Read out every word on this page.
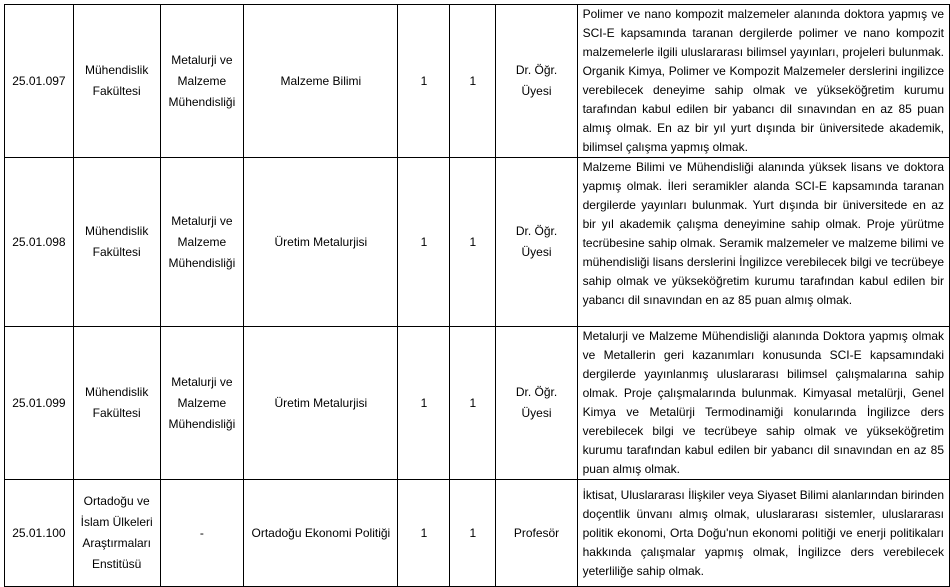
25.01.097	Mühendislik Fakültesi	Metalurji ve Malzeme Mühendisliği	Malzeme Bilimi	1	1	Dr. Öğr. Üyesi	Polimer ve nano kompozit malzemeler alanında doktora yapmış ve SCI-E kapsamında taranan dergilerde polimer ve nano kompozit malzemelerle ilgili uluslararası bilimsel yayınları, projeleri bulunmak. Organik Kimya, Polimer ve Kompozit Malzemeler derslerini ingilizce verebilecek deneyime sahip olmak ve yükseköğretim kurumu tarafından kabul edilen bir yabancı dil sınavından en az 85 puan almış olmak. En az bir yıl yurt dışında bir üniversitede akademik, bilimsel çalışma yapmış olmak.
25.01.098	Mühendislik Fakültesi	Metalurji ve Malzeme Mühendisliği	Üretim Metalurjisi	1	1	Dr. Öğr. Üyesi	Malzeme Bilimi ve Mühendisliği alanında yüksek lisans ve doktora yapmış olmak. İleri seramikler alanda SCI-E kapsamında taranan dergilerde yayınları bulunmak. Yurt dışında bir üniversitede en az bir yıl akademik çalışma deneyimine sahip olmak. Proje yürütme tecrübesine sahip olmak. Seramik malzemeler ve malzeme bilimi ve mühendisliği lisans derslerini İngilizce verebilecek bilgi ve tecrübeye sahip olmak ve yükseköğretim kurumu tarafından kabul edilen bir yabancı dil sınavından en az 85 puan almış olmak.
25.01.099	Mühendislik Fakültesi	Metalurji ve Malzeme Mühendisliği	Üretim Metalurjisi	1	1	Dr. Öğr. Üyesi	Metalurji ve Malzeme Mühendisliği alanında Doktora yapmış olmak ve Metallerin geri kazanımları konusunda SCI-E kapsamındaki dergilerde yayınlanmış uluslararası bilimsel çalışmalarına sahip olmak. Proje çalışmalarında bulunmak. Kimyasal metalürji, Genel Kimya ve Metalürji Termodinamiği konularında İngilizce ders verebilecek bilgi ve tecrübeye sahip olmak ve yükseköğretim kurumu tarafından kabul edilen bir yabancı dil sınavından en az 85 puan almış olmak.
25.01.100	Ortadoğu ve İslam Ülkeleri Araştırmaları Enstitüsü	-	Ortadoğu Ekonomi Politiği	1	1	Profesör	İktisat, Uluslararası İlişkiler veya Siyaset Bilimi alanlarından birinden doçentlik ünvanı almış olmak, uluslararası sistemler, uluslararası politik ekonomi, Orta Doğu'nun ekonomi politiği ve enerji politikaları hakkında çalışmalar yapmış olmak, İngilizce ders verebilecek yeterliliğe sahip olmak.
